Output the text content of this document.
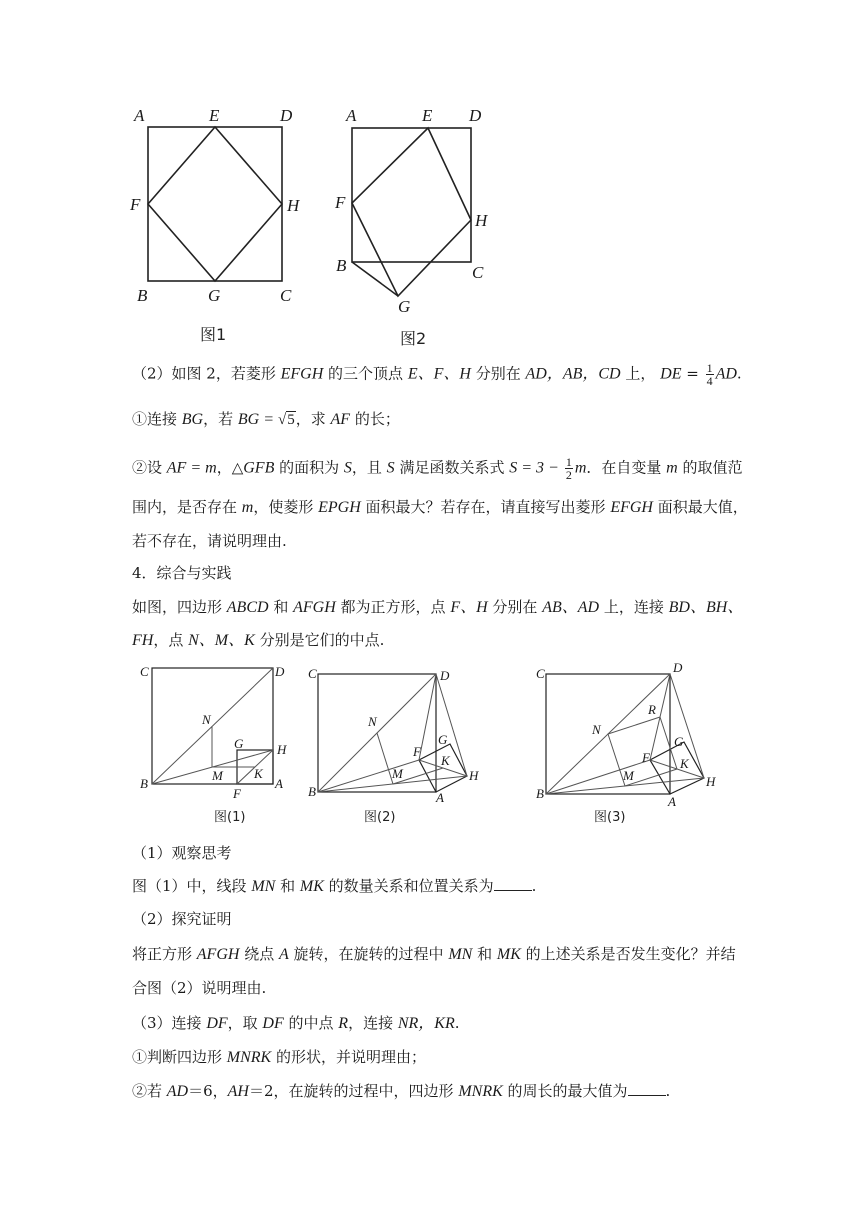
A	E	D
F	H
B	G	C
图1
A	E D
F
H
B	C
G
图2
（2）如图 2，若菱形 EFGH 的三个顶点 E、F、H 分别在 AD，AB，CD 上， DE = $\frac{1}{4}$ AD.
①连接 BG，若 BG = √5，求 AF 的长；
②设 AF = m，△GFB 的面积为 S，且 S 满足函数关系式 $S = 3 - \frac{1}{2}$ m．在自变量 m 的取值范
围内，是否存在 m，使菱形 EPGH 面积最大？若存在，请直接写出菱形 EFGH 面积最大值，
若不存在，请说明理由.
4．综合与实践
如图，四边形 ABCD 和 AFGH 都为正方形，点 F、H 分别在 AB、AD 上，连接 BD、BH、
FH，点 N、M、K 分别是它们的中点.
C	D
N
G	H
M K
B	A
F
图(1)
C	D
N
G
F
M
K
H
B	A
图(2)
C	D
R
N
G
F K
M	H
B
A
图(3)
（1）观察思考
图（1）中，线段 MN 和 MK 的数量关系和位置关系为	.
（2）探究证明
将正方形 AFGH 绕点 A 旋转，在旋转的过程中 MN 和 MK 的上述关系是否发生变化？并结
合图（2）说明理由.
（3）连接 DF，取 DF 的中点 R，连接 NR，KR.
①判断四边形 MNRK 的形状，并说明理由；
②若 AD＝6，AH＝2，在旋转的过程中，四边形 MNRK 的周长的最大值为	.
